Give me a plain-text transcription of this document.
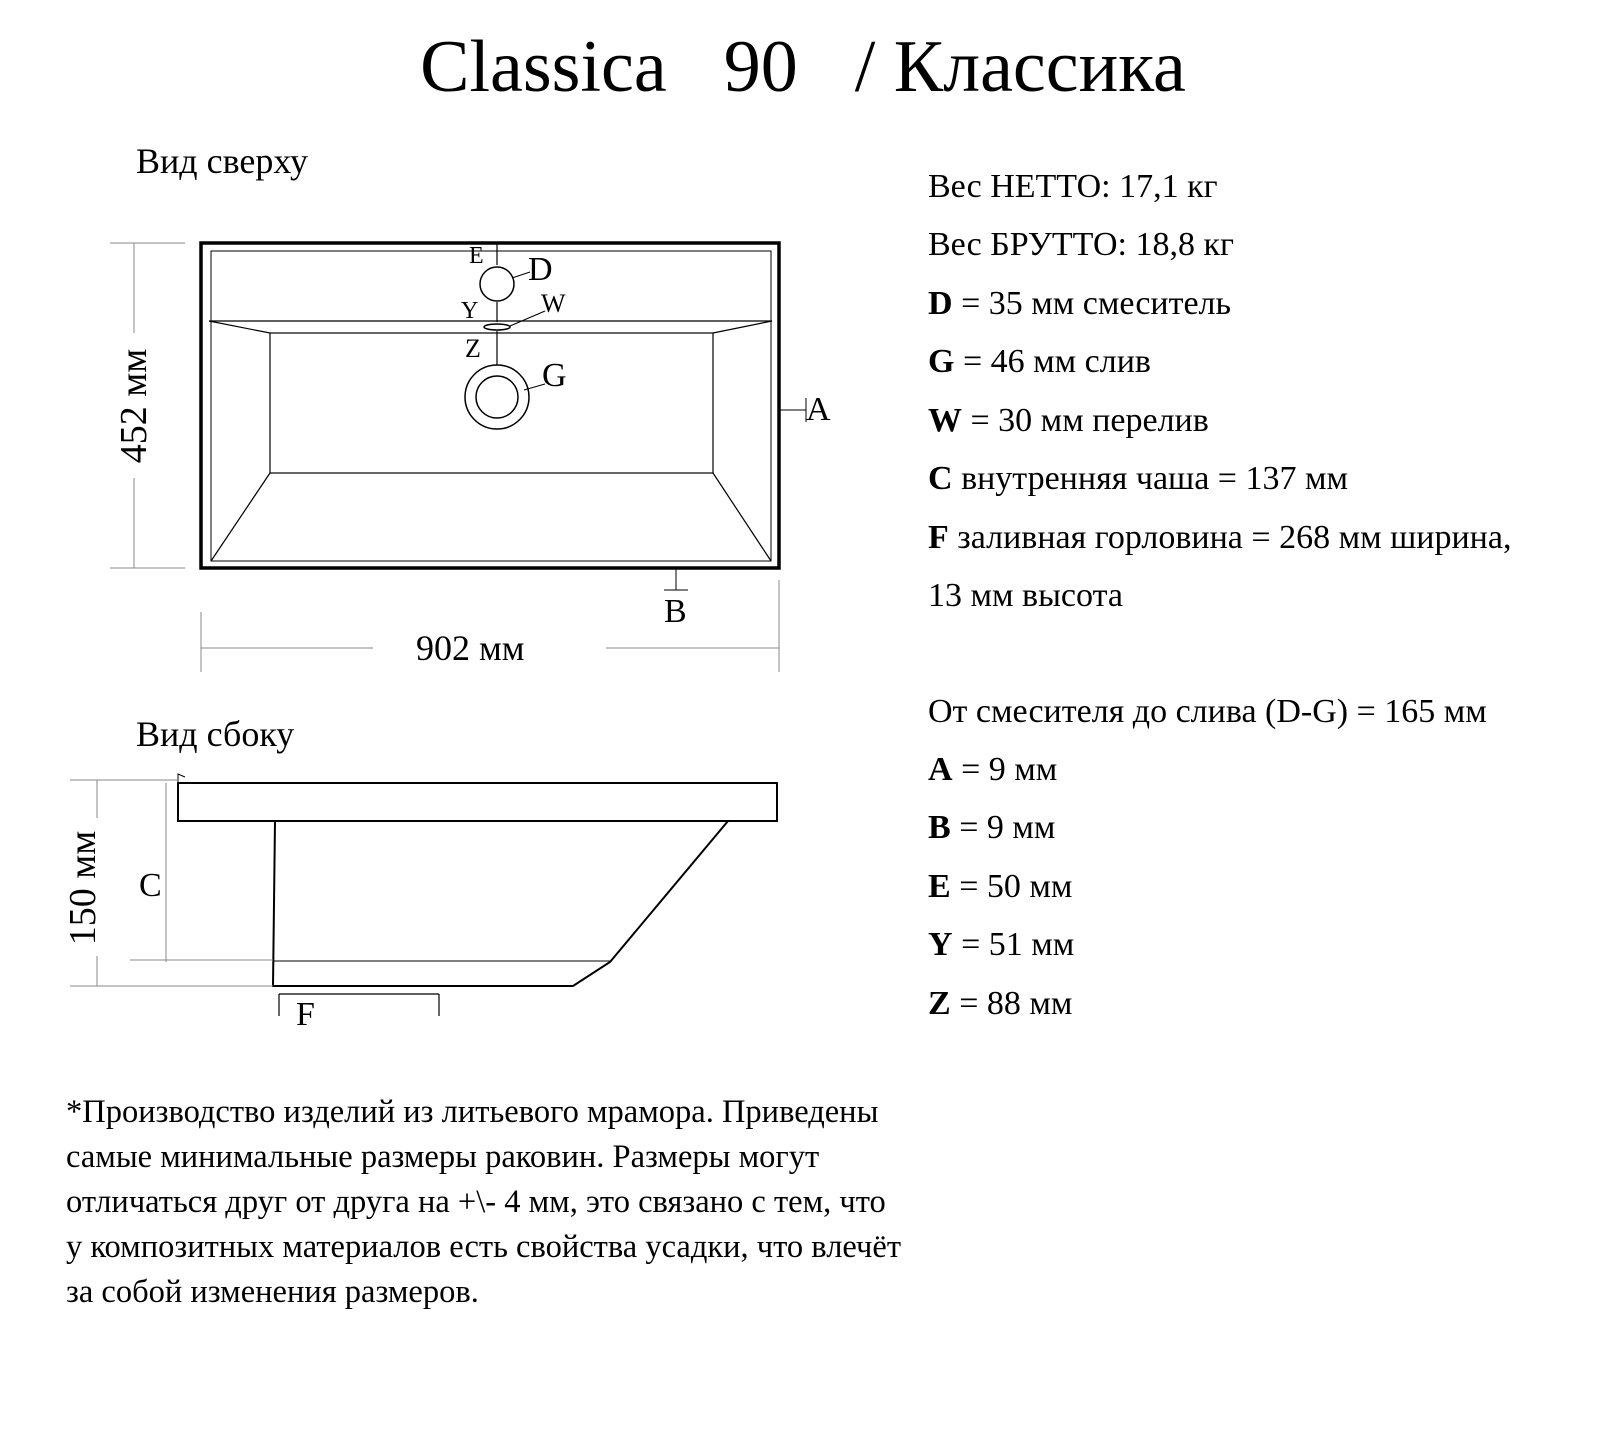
Classica 90 / Классика
Вид сверху
Вид сбоку
E D
Y W
Z
G
A
B
902 мм
452 мм
C
F
150 мм
Вес НЕТТО: 17,1 кг
Вес БРУТТО: 18,8 кг
D = 35 мм смеситель
G = 46 мм слив
W = 30 мм перелив
C внутренняя чаша = 137 мм
F заливная горловина = 268 мм ширина,
13 мм высота
От смесителя до слива (D-G) = 165 мм
A = 9 мм
B = 9 мм
E = 50 мм
Y = 51 мм
Z = 88 мм
*Производство изделий из литьевого мрамора. Приведены
самые минимальные размеры раковин. Размеры могут
отличаться друг от друга на +\- 4 мм, это связано с тем, что
у композитных материалов есть свойства усадки, что влечёт
за собой изменения размеров.
